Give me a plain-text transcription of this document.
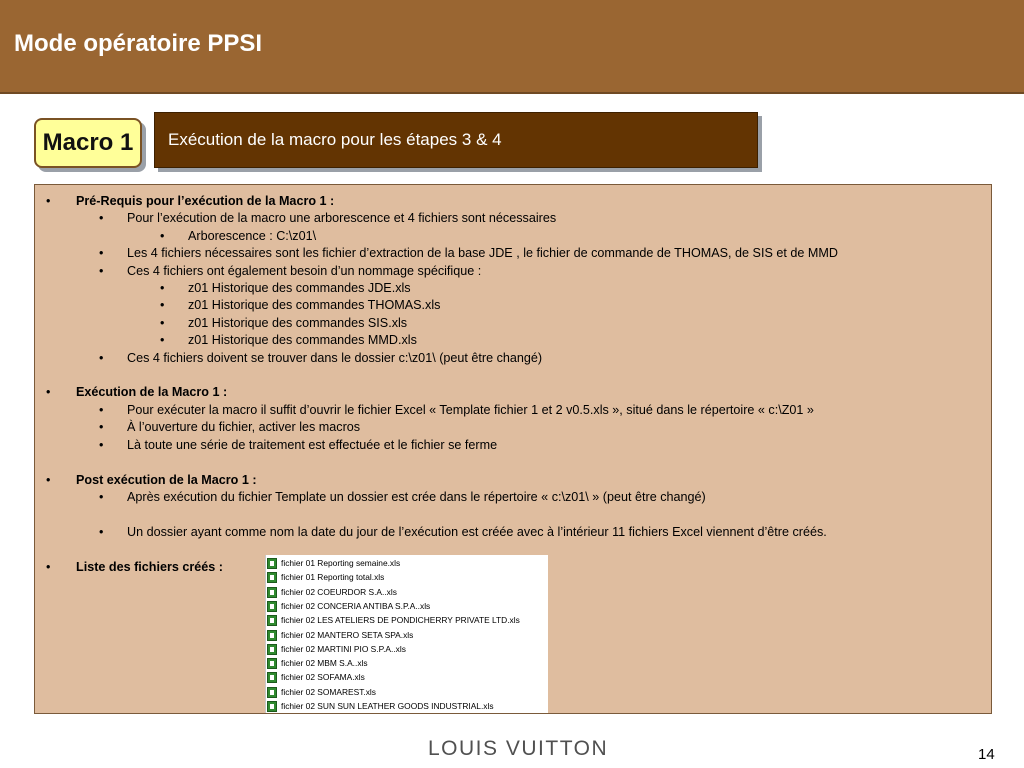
Mode opératoire PPSI
Macro 1	Exécution de la macro pour les étapes 3 & 4
• Pré-Requis pour l’exécution de la Macro 1 :
• Pour l’exécution de la macro une arborescence et 4 fichiers sont nécessaires
• Arborescence : C:\z01\
• Les 4 fichiers nécessaires sont les fichier d’extraction de la base JDE , le fichier de commande de THOMAS, de SIS et de MMD
• Ces 4 fichiers ont également besoin d’un nommage spécifique :
• z01 Historique des commandes JDE.xls
• z01 Historique des commandes THOMAS.xls
• z01 Historique des commandes SIS.xls
• z01 Historique des commandes MMD.xls
• Ces 4 fichiers doivent se trouver dans le dossier c:\z01\ (peut être changé)
• Exécution de la Macro 1 :
• Pour exécuter la macro il suffit d’ouvrir le fichier Excel « Template fichier 1 et 2 v0.5.xls », situé dans le répertoire « c:\Z01 »
• À l’ouverture du fichier, activer les macros
• Là toute une série de traitement est effectuée et le fichier se ferme
• Post exécution de la Macro 1 :
• Après exécution du fichier Template un dossier est crée dans le répertoire « c:\z01\ » (peut être changé)
• Un dossier ayant comme nom la date du jour de l’exécution est créée avec à l’intérieur 11 fichiers Excel viennent d’être créés.
• Liste des fichiers créés :	fichier 01 Reporting semaine.xls
fichier 01 Reporting total.xls
fichier 02 COEURDOR S.A..xls
fichier 02 CONCERIA ANTIBA S.P.A..xls
fichier 02 LES ATELIERS DE PONDICHERRY PRIVATE LTD.xls
fichier 02 MANTERO SETA SPA.xls
fichier 02 MARTINI PIO S.P.A..xls
fichier 02 MBM S.A..xls
fichier 02 SOFAMA.xls
fichier 02 SOMAREST.xls
fichier 02 SUN SUN LEATHER GOODS INDUSTRIAL.xls
LOUIS VUITTON	14
